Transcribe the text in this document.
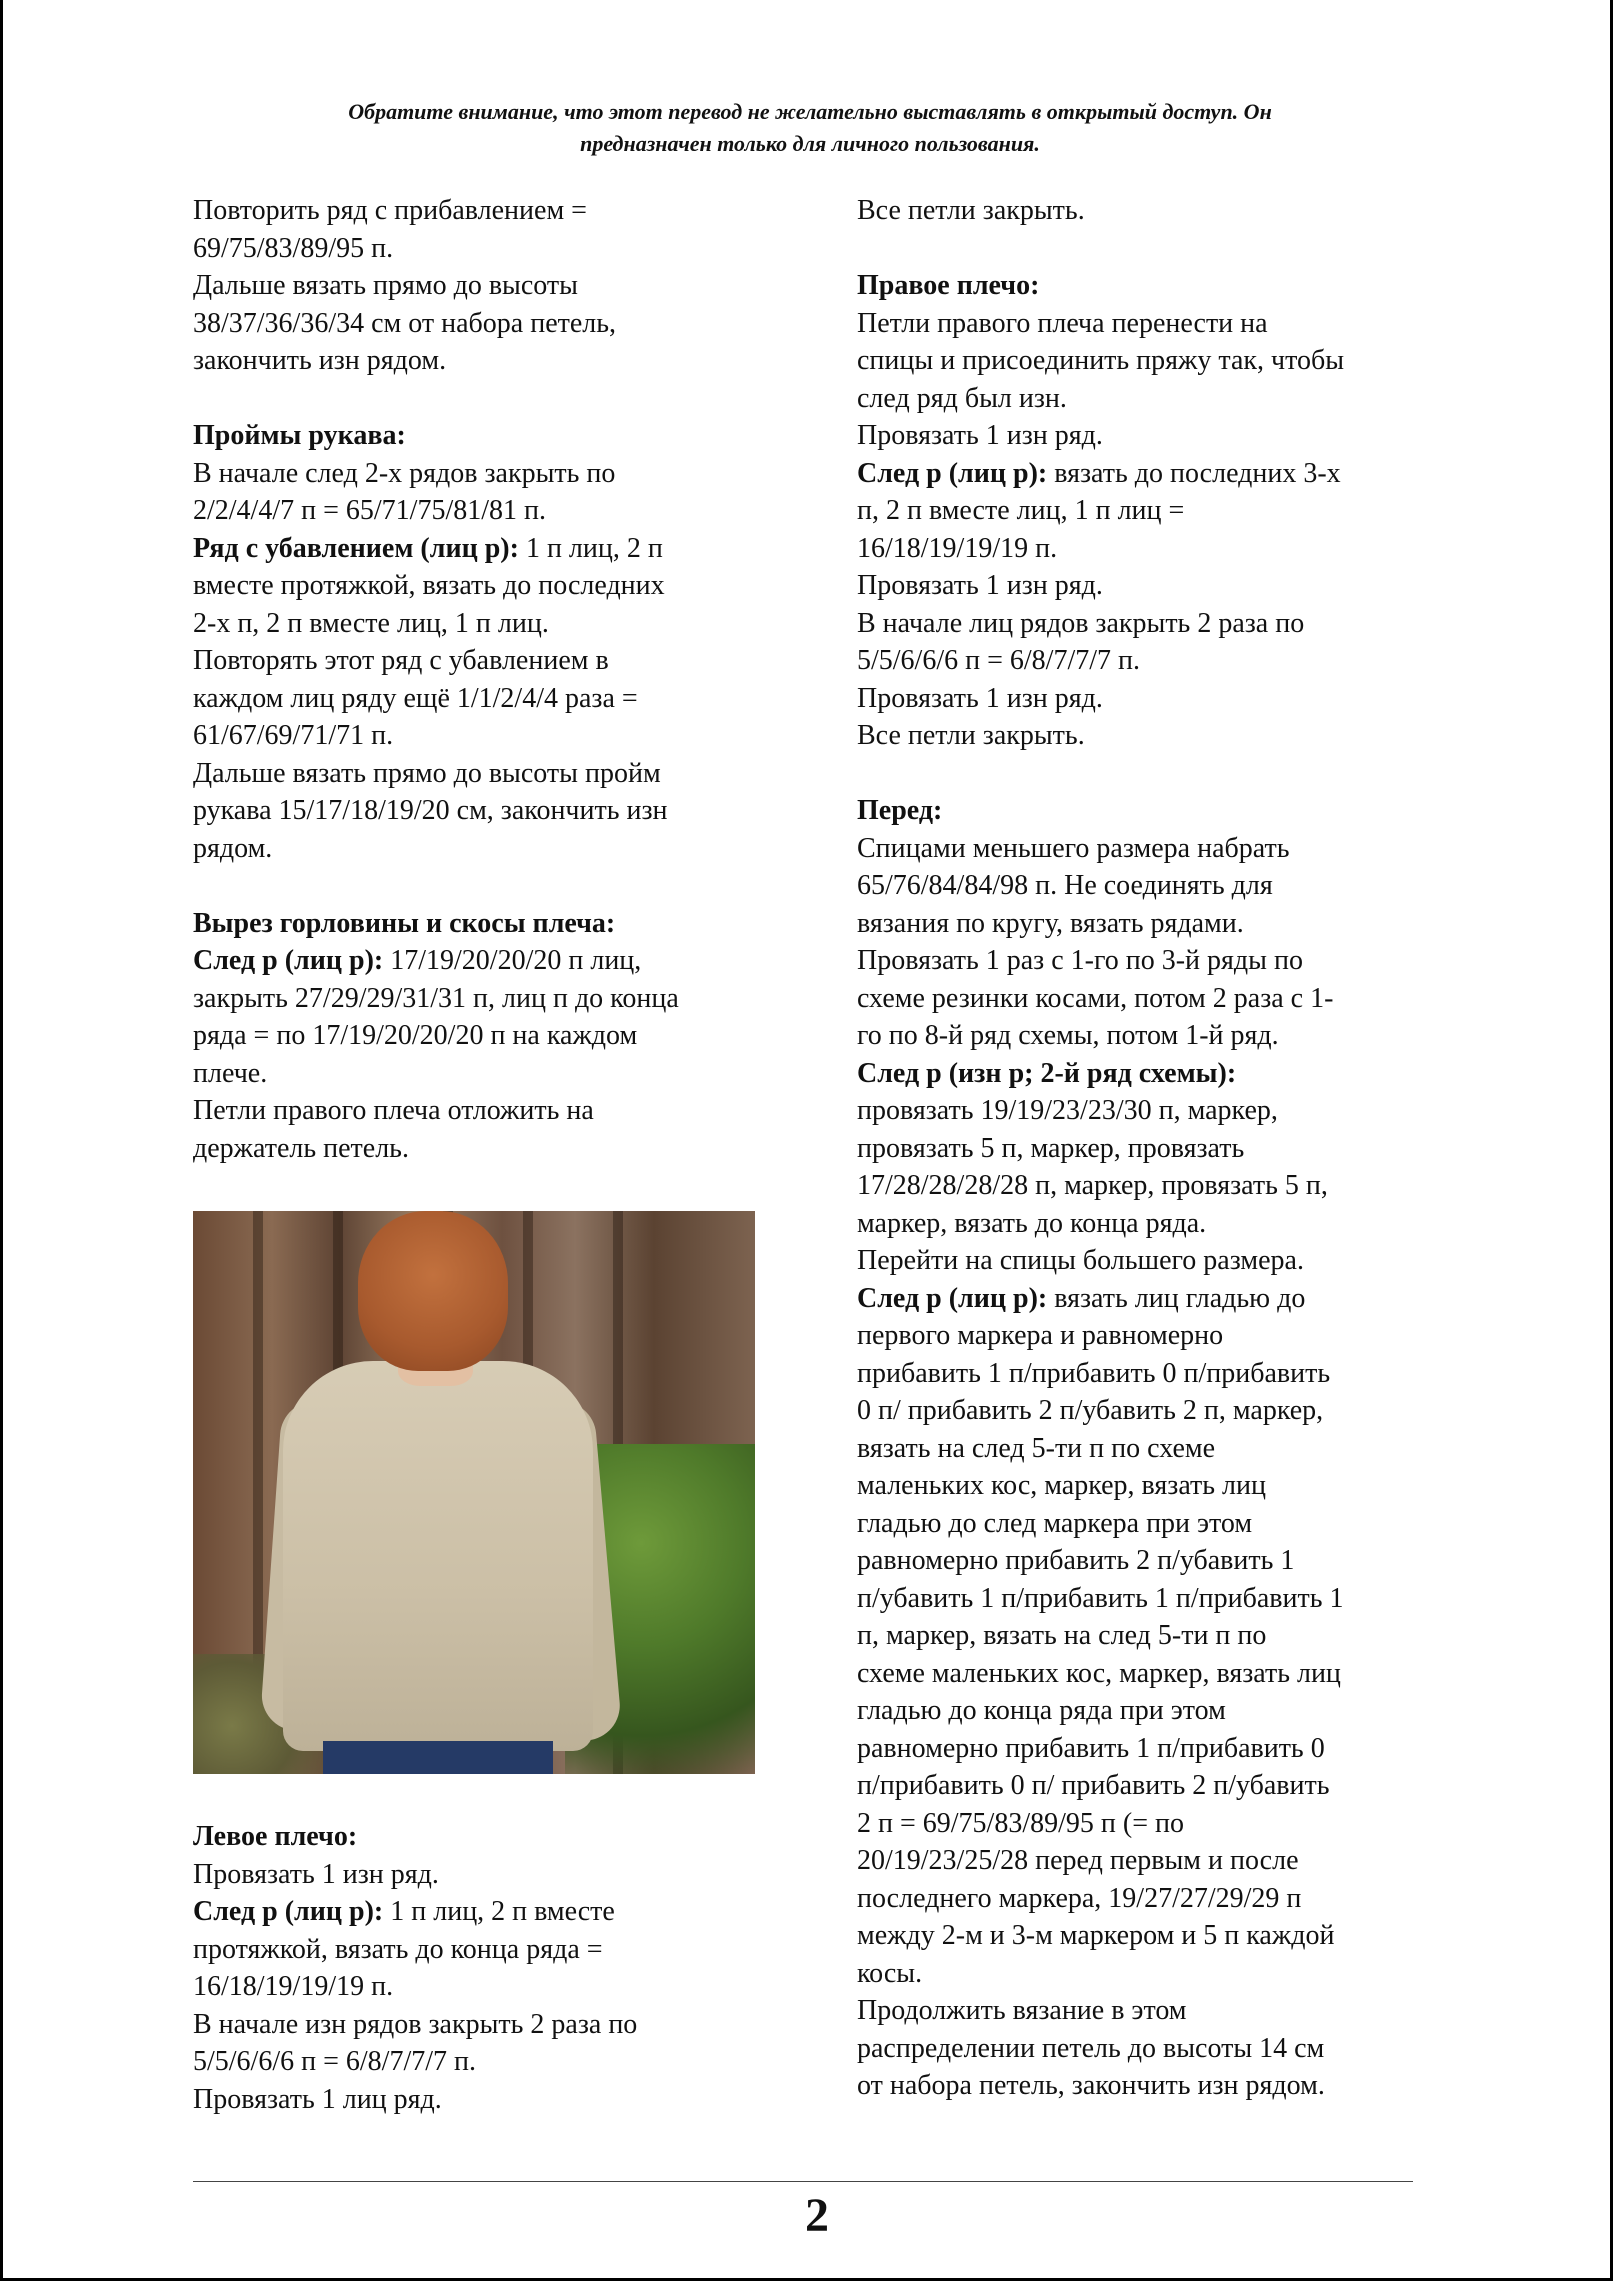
Обратите внимание, что этот перевод не желательно выставлять в открытый доступ. Он
предназначен только для личного пользования.

Повторить ряд с прибавлением =

69/75/83/89/95 п.

Дальше вязать прямо до высоты

38/37/36/36/34 см от набора петель,

закончить изн рядом.

Проймы рукава:

В начале след 2-х рядов закрыть по

2/2/4/4/7 п = 65/71/75/81/81 п.

Ряд с убавлением (лиц р): 1 п лиц, 2 п

вместе протяжкой, вязать до последних

2-х п, 2 п вместе лиц, 1 п лиц.

Повторять этот ряд с убавлением в

каждом лиц ряду ещё 1/1/2/4/4 раза =

61/67/69/71/71 п.

Дальше вязать прямо до высоты пройм

рукава 15/17/18/19/20 см, закончить изн

рядом.

Вырез горловины и скосы плеча:

След р (лиц р): 17/19/20/20/20 п лиц,

закрыть 27/29/29/31/31 п, лиц п до конца

ряда = по 17/19/20/20/20 п на каждом

плече.

Петли правого плеча отложить на

держатель петель.

Левое плечо:

Провязать 1 изн ряд.

След р (лиц р): 1 п лиц, 2 п вместе

протяжкой, вязать до конца ряда =

16/18/19/19/19 п.

В начале изн рядов закрыть 2 раза по

5/5/6/6/6 п = 6/8/7/7/7 п.

Провязать 1 лиц ряд.

Все петли закрыть.

Правое плечо:

Петли правого плеча перенести на

спицы и присоединить пряжу так, чтобы

след ряд был изн.

Провязать 1 изн ряд.

След р (лиц р): вязать до последних 3-х

п, 2 п вместе лиц, 1 п лиц =

16/18/19/19/19 п.

Провязать 1 изн ряд.

В начале лиц рядов закрыть 2 раза по

5/5/6/6/6 п = 6/8/7/7/7 п.

Провязать 1 изн ряд.

Все петли закрыть.

Перед:

Спицами меньшего размера набрать

65/76/84/84/98 п. Не соединять для

вязания по кругу, вязать рядами.

Провязать 1 раз с 1-го по 3-й ряды по

схеме резинки косами, потом 2 раза с 1-

го по 8-й ряд схемы, потом 1-й ряд.

След р (изн р; 2-й ряд схемы):

провязать 19/19/23/23/30 п, маркер,

провязать 5 п, маркер, провязать

17/28/28/28/28 п, маркер, провязать 5 п,

маркер, вязать до конца ряда.

Перейти на спицы большего размера.

След р (лиц р): вязать лиц гладью до

первого маркера и равномерно

прибавить 1 п/прибавить 0 п/прибавить

0 п/ прибавить 2 п/убавить 2 п, маркер,

вязать на след 5-ти п по схеме

маленьких кос, маркер, вязать лиц

гладью до след маркера при этом

равномерно прибавить 2 п/убавить 1

п/убавить 1 п/прибавить 1 п/прибавить 1

п, маркер, вязать на след 5-ти п по

схеме маленьких кос, маркер, вязать лиц

гладью до конца ряда при этом

равномерно прибавить 1 п/прибавить 0

п/прибавить 0 п/ прибавить 2 п/убавить

2 п = 69/75/83/89/95 п (= по

20/19/23/25/28 перед первым и после

последнего маркера, 19/27/27/29/29 п

между 2-м и 3-м маркером и 5 п каждой

косы.

Продолжить вязание в этом

распределении петель до высоты 14 см

от набора петель, закончить изн рядом.

2
